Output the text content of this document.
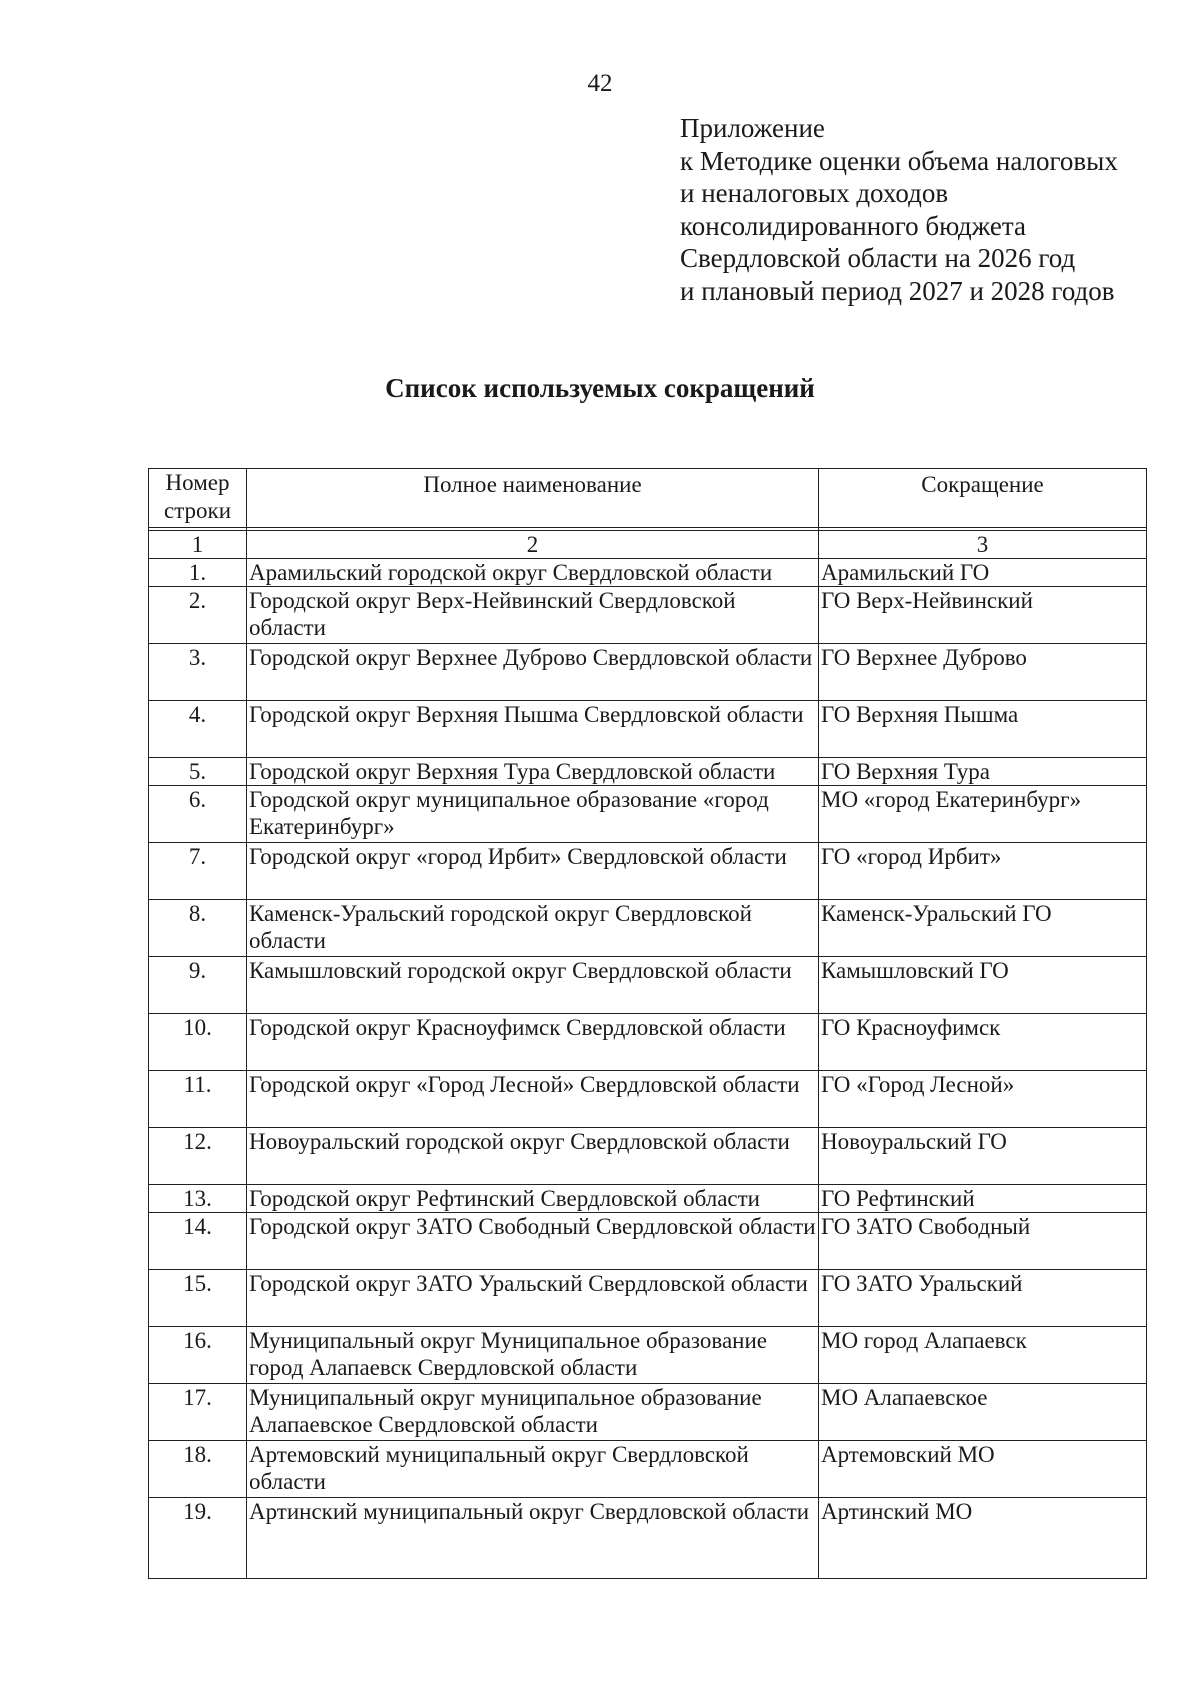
42
Приложение
к Методике оценки объема налоговых
и неналоговых доходов
консолидированного бюджета
Свердловской области на 2026 год
и плановый период 2027 и 2028 годов
Список используемых сокращений
Номер
строки	Полное наименование	Сокращение

1	2	3
1.	Арамильский городской округ Свердловской области	Арамильский ГО
2.	Городской округ Верх-Нейвинский Свердловской области	ГО Верх-Нейвинский
3.	Городской округ Верхнее Дуброво Свердловской области	ГО Верхнее Дуброво
4.	Городской округ Верхняя Пышма Свердловской области	ГО Верхняя Пышма
5.	Городской округ Верхняя Тура Свердловской области	ГО Верхняя Тура
6.	Городской округ муниципальное образование «город Екатеринбург»	МО «город Екатеринбург»
7.	Городской округ «город Ирбит» Свердловской области	ГО «город Ирбит»
8.	Каменск-Уральский городской округ Свердловской области	Каменск-Уральский ГО
9.	Камышловский городской округ Свердловской области	Камышловский ГО
10.	Городской округ Красноуфимск Свердловской области	ГО Красноуфимск
11.	Городской округ «Город Лесной» Свердловской области	ГО «Город Лесной»
12.	Новоуральский городской округ Свердловской области	Новоуральский ГО
13.	Городской округ Рефтинский Свердловской области	ГО Рефтинский
14.	Городской округ ЗАТО Свободный Свердловской области	ГО ЗАТО Свободный
15.	Городской округ ЗАТО Уральский Свердловской области	ГО ЗАТО Уральский
16.	Муниципальный округ Муниципальное образование город Алапаевск Свердловской области	МО город Алапаевск
17.	Муниципальный округ муниципальное образование Алапаевское Свердловской области	МО Алапаевское
18.	Артемовский муниципальный округ Свердловской области	Артемовский МО
19.	Артинский муниципальный округ Свердловской области	Артинский МО
